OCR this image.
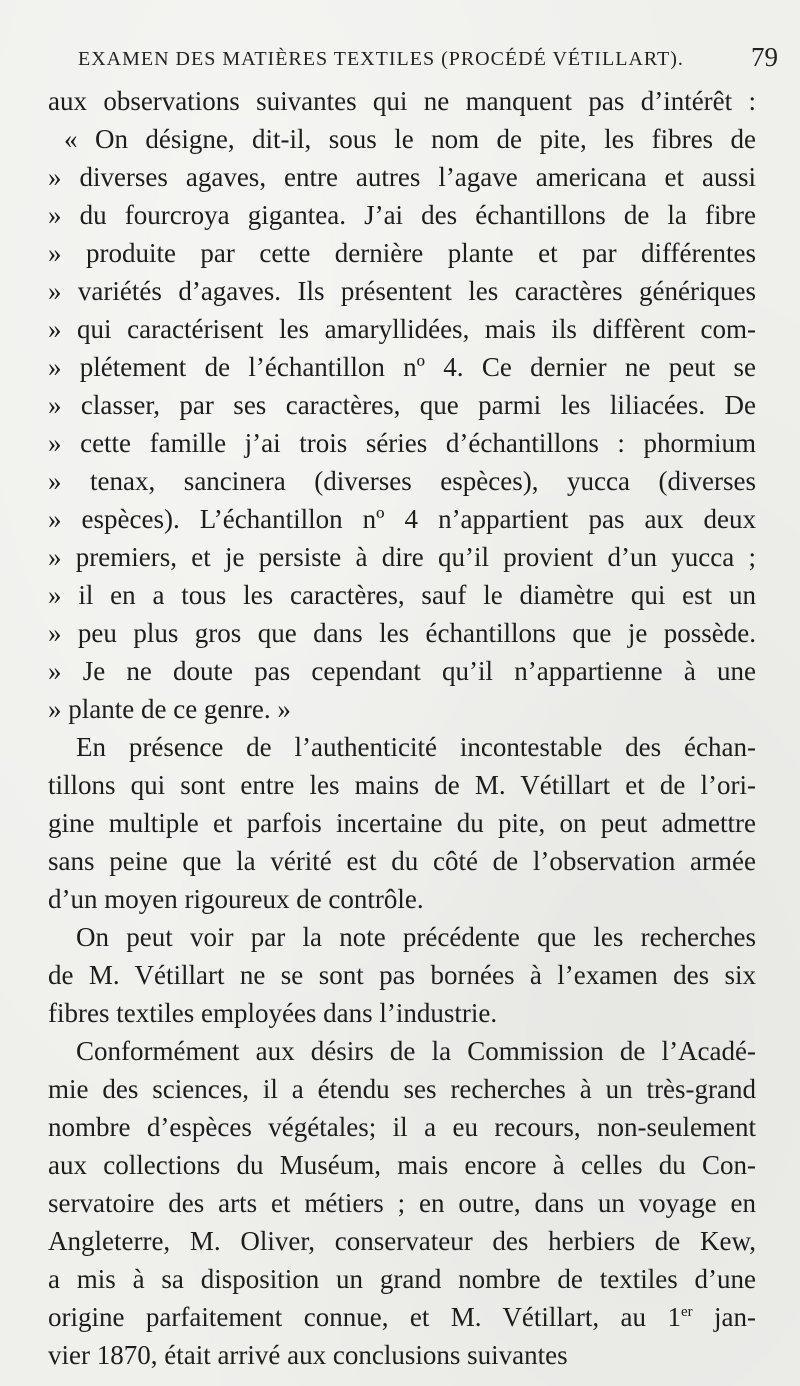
EXAMEN DES MATIÈRES TEXTILES (PROCÉDÉ VÉTILLART). 79
aux observations suivantes qui ne manquent pas d’intérêt :
« On désigne, dit-il, sous le nom de pite, les fibres de
» diverses agaves, entre autres l’agave americana et aussi
» du fourcroya gigantea. J’ai des échantillons de la fibre
» produite par cette dernière plante et par différentes
» variétés d’agaves. Ils présentent les caractères génériques
» qui caractérisent les amaryllidées, mais ils diffèrent com-
» plétement de l’échantillon nº 4. Ce dernier ne peut se
» classer, par ses caractères, que parmi les liliacées. De
» cette famille j’ai trois séries d’échantillons : phormium
» tenax, sancinera (diverses espèces), yucca (diverses
» espèces). L’échantillon nº 4 n’appartient pas aux deux
» premiers, et je persiste à dire qu’il provient d’un yucca ;
» il en a tous les caractères, sauf le diamètre qui est un
» peu plus gros que dans les échantillons que je possède.
» Je ne doute pas cependant qu’il n’appartienne à une
» plante de ce genre. »
En présence de l’authenticité incontestable des échan-
tillons qui sont entre les mains de M. Vétillart et de l’ori-
gine multiple et parfois incertaine du pite, on peut admettre
sans peine que la vérité est du côté de l’observation armée
d’un moyen rigoureux de contrôle.
On peut voir par la note précédente que les recherches
de M. Vétillart ne se sont pas bornées à l’examen des six
fibres textiles employées dans l’industrie.
Conformément aux désirs de la Commission de l’Acadé-
mie des sciences, il a étendu ses recherches à un très-grand
nombre d’espèces végétales; il a eu recours, non-seulement
aux collections du Muséum, mais encore à celles du Con-
servatoire des arts et métiers ; en outre, dans un voyage en
Angleterre, M. Oliver, conservateur des herbiers de Kew,
a mis à sa disposition un grand nombre de textiles d’une
origine parfaitement connue, et M. Vétillart, au 1er jan-
vier 1870, était arrivé aux conclusions suivantes
